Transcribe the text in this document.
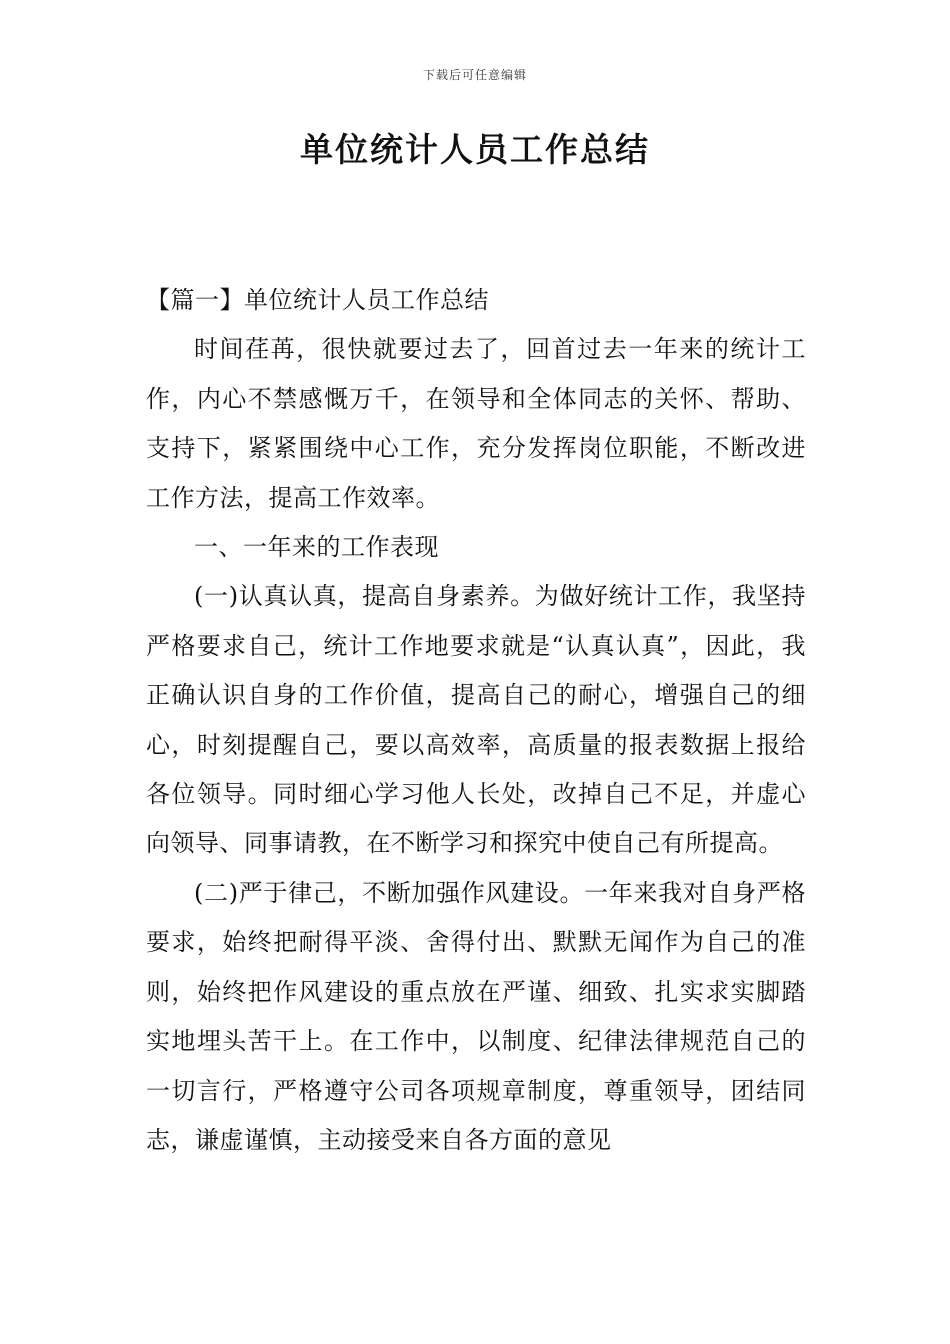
下载后可任意编辑
单位统计人员工作总结

【篇一】单位统计人员工作总结

时间荏苒，很快就要过去了，回首过去一年来的统计工作，内心不禁感慨万千，在领导和全体同志的关怀、帮助、支持下，紧紧围绕中心工作，充分发挥岗位职能，不断改进工作方法，提高工作效率。

一、一年来的工作表现

(一)认真认真，提高自身素养。为做好统计工作，我坚持严格要求自己，统计工作地要求就是“认真认真”，因此，我正确认识自身的工作价值，提高自己的耐心，增强自己的细心，时刻提醒自己，要以高效率，高质量的报表数据上报给各位领导。同时细心学习他人长处，改掉自己不足，并虚心向领导、同事请教，在不断学习和探究中使自己有所提高。

(二)严于律己，不断加强作风建设。一年来我对自身严格要求，始终把耐得平淡、舍得付出、默默无闻作为自己的准则，始终把作风建设的重点放在严谨、细致、扎实求实脚踏实地埋头苦干上。在工作中，以制度、纪律法律规范自己的一切言行，严格遵守公司各项规章制度，尊重领导，团结同志，谦虚谨慎，主动接受来自各方面的意见
